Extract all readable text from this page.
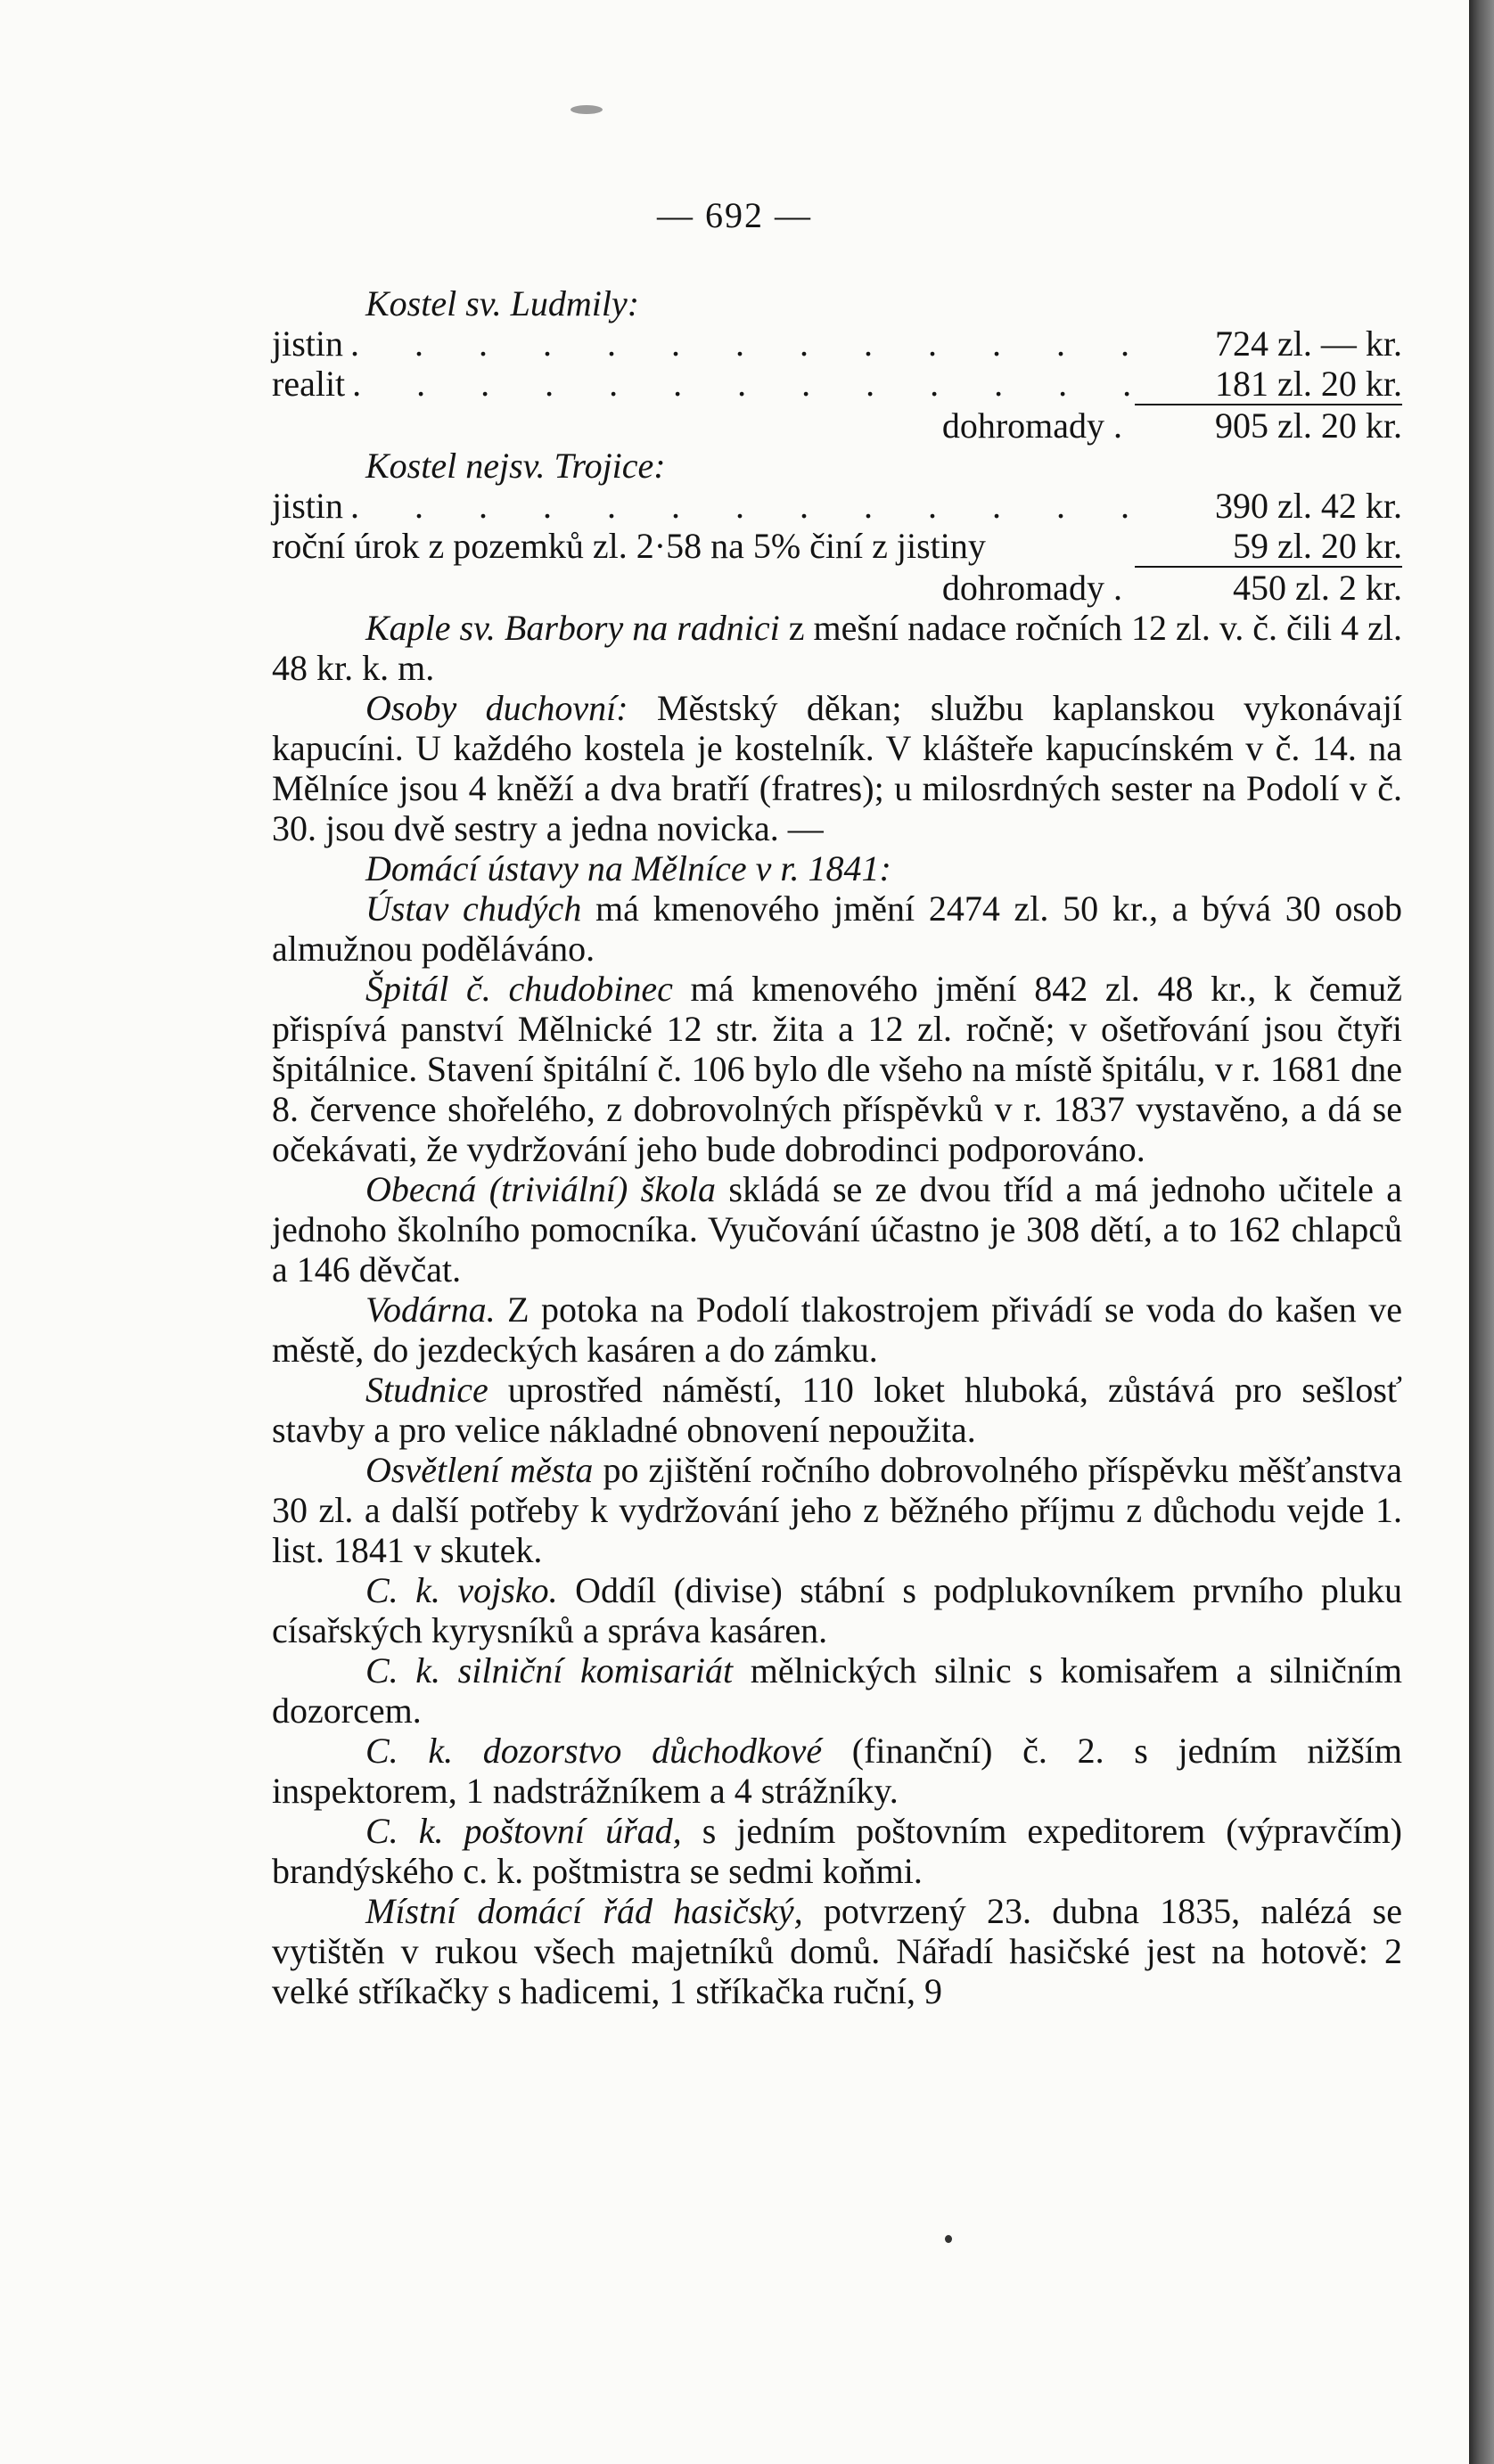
— 692 —
Kostel sv. Ludmily:
jistin . . .	724 zl. — kr.
realit . . .	181 zl. 20 kr.
dohromady .	905 zl. 20 kr.
Kostel nejsv. Trojice:
jistin . . .	390 zl. 42 kr.
roční úrok z pozemků zl. 2·58 na 5% činí z jistiny	59 zl. 20 kr.
dohromady .	450 zl. 2 kr.

Kaple sv. Barbory na radnici z mešní nadace ročních 12 zl. v. č. čili 4 zl. 48 kr. k. m.

Osoby duchovní: Městský děkan; službu kaplanskou vykonávají kapucíni. U každého kostela je kostelník. V klášteře kapucínském v č. 14. na Mělníce jsou 4 kněží a dva bratří (fratres); u milosrdných sester na Podolí v č. 30. jsou dvě sestry a jedna novicka. —

Domácí ústavy na Mělníce v r. 1841:

Ústav chudých má kmenového jmění 2474 zl. 50 kr., a bývá 30 osob almužnou poděláváno.

Špitál č. chudobinec má kmenového jmění 842 zl. 48 kr., k čemuž přispívá panství Mělnické 12 str. žita a 12 zl. ročně; v ošetřování jsou čtyři špitálnice. Stavení špitální č. 106 bylo dle všeho na místě špitálu, v r. 1681 dne 8. července shořelého, z dobrovolných příspěvků v r. 1837 vystavěno, a dá se očekávati, že vydržování jeho bude dobrodinci podporováno.

Obecná (triviální) škola skládá se ze dvou tříd a má jednoho učitele a jednoho školního pomocníka. Vyučování účastno je 308 dětí, a to 162 chlapců a 146 děvčat.

Vodárna. Z potoka na Podolí tlakostrojem přivádí se voda do kašen ve městě, do jezdeckých kasáren a do zámku.

Studnice uprostřed náměstí, 110 loket hluboká, zůstává pro sešlosť stavby a pro velice nákladné obnovení nepoužita.

Osvětlení města po zjištění ročního dobrovolného příspěvku měšťanstva 30 zl. a další potřeby k vydržování jeho z běžného příjmu z důchodu vejde 1. list. 1841 v skutek.

C. k. vojsko. Oddíl (divise) stábní s podplukovníkem prvního pluku císařských kyrysníků a správa kasáren.

C. k. silniční komisariát mělnických silnic s komisařem a silničním dozorcem.

C. k. dozorstvo důchodkové (finanční) č. 2. s jedním nižším inspektorem, 1 nadstrážníkem a 4 strážníky.

C. k. poštovní úřad, s jedním poštovním expeditorem (výpravčím) brandýského c. k. poštmistra se sedmi koňmi.

Místní domácí řád hasičský, potvrzený 23. dubna 1835, nalézá se vytištěn v rukou všech majetníků domů. Nářadí hasičské jest na hotově: 2 velké stříkačky s hadicemi, 1 stříkačka ruční, 9
